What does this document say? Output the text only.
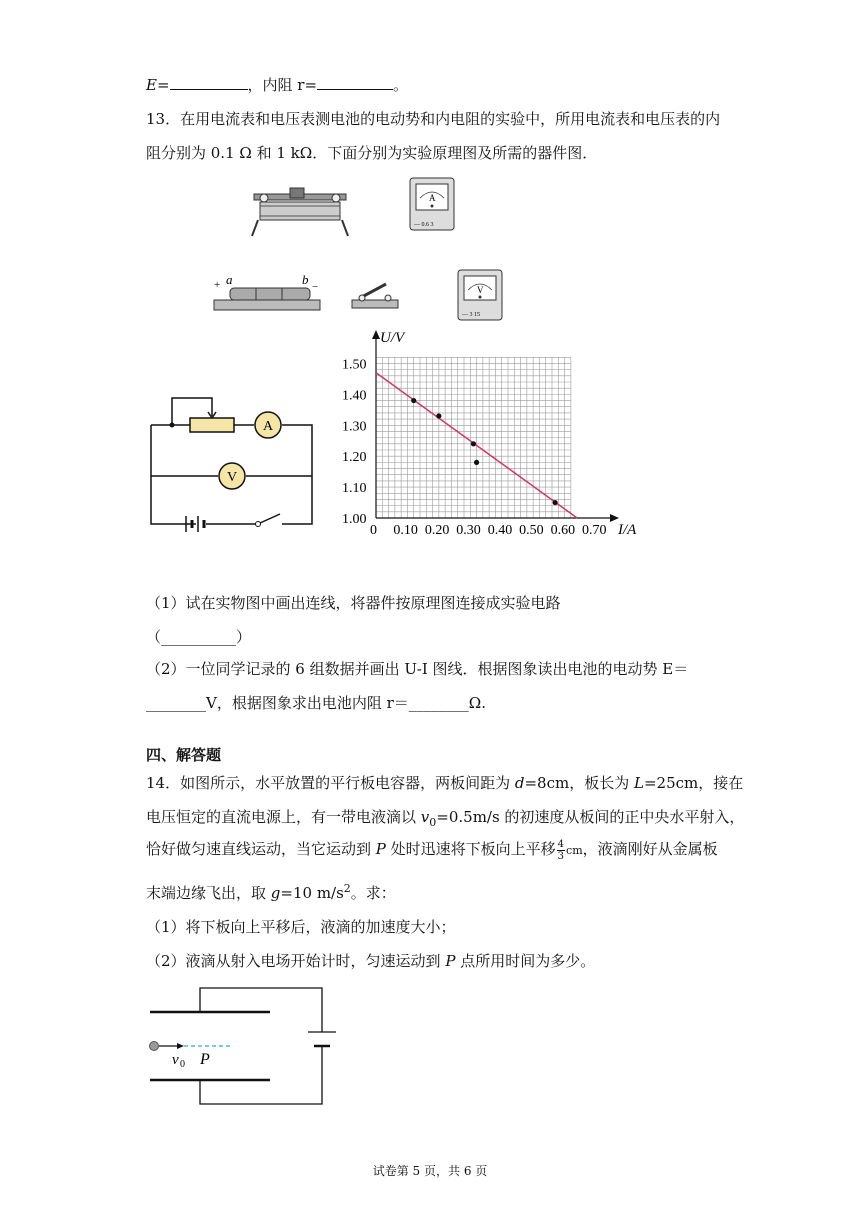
E=	，内阻 r=	。
13．在用电流表和电压表测电池的电动势和内电阻的实验中，所用电流表和电压表的内
阻分别为 0.1 Ω 和 1 kΩ．下面分别为实验原理图及所需的器件图．
A
— 0.6 3
a	b
+	−	V
— 3 15
A
V
0.10 0.20 0.30 0.40 0.50 0.60 0.70
1.00
1.10
1.20
1.30
1.40
1.50
U/V
I/A
0
（1）试在实物图中画出连线，将器件按原理图连接成实验电路
（__________）
（2）一位同学记录的 6 组数据并画出 U-I 图线．根据图象读出电池的电动势 E＝
________V，根据图象求出电池内阻 r＝________Ω.
四、解答题
14．如图所示，水平放置的平行板电容器，两板间距为 d=8cm，板长为 L=25cm，接在
电压恒定的直流电源上，有一带电液滴以 $v_0=0.5m/s$ 的初速度从板间的正中央水平射入，
恰好做匀速直线运动，当它运动到 P 处时迅速将下板向上平移 $\frac{4}{3}$ cm，液滴刚好从金属板
末端边缘飞出，取 g=10 $m/s^2$。求：
（1）将下板向上平移后，液滴的加速度大小；
（2）液滴从射入电场开始计时，匀速运动到 P 点所用时间为多少。
v 0 P
试卷第 5 页，共 6 页
